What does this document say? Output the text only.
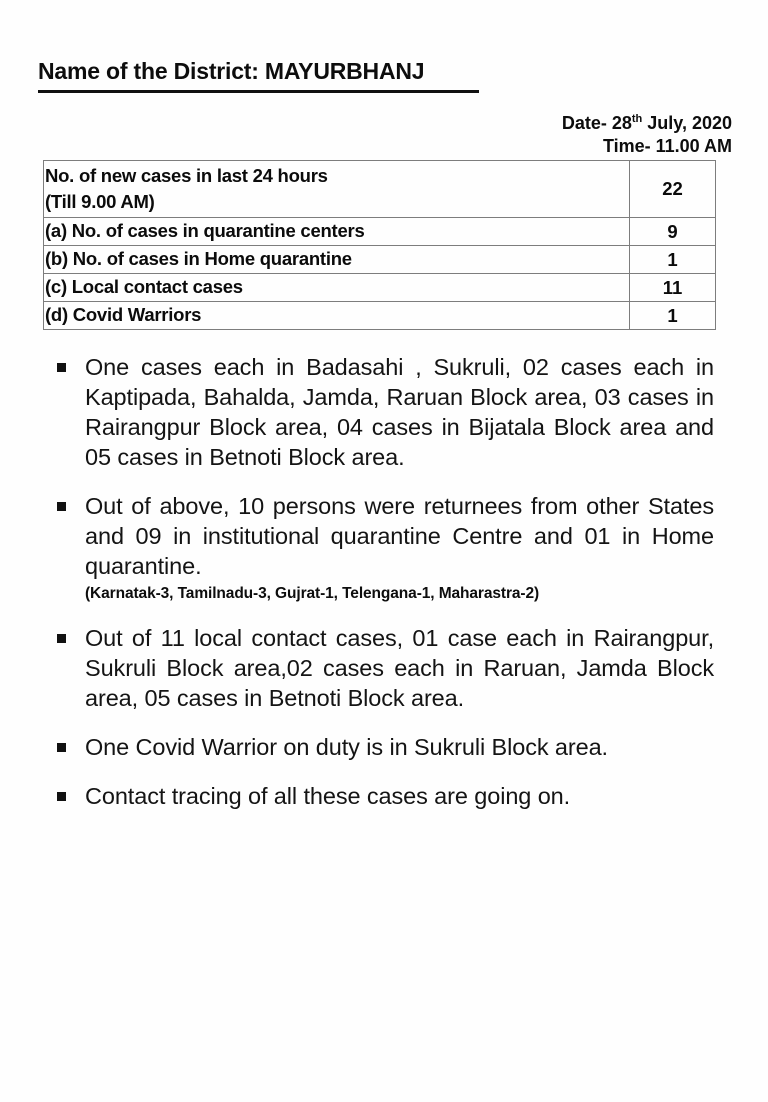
Name of the District: MAYURBHANJ
Date- 28th July, 2020
Time- 11.00 AM
No. of new cases in last 24 hours
(Till 9.00 AM)	22
(a) No. of cases in quarantine centers	9
(b) No. of cases in Home quarantine	1
(c) Local contact cases	11
(d) Covid Warriors	1
One cases each in Badasahi , Sukruli, 02 cases each in Kaptipada, Bahalda, Jamda, Raruan Block area, 03 cases in Rairangpur Block area, 04 cases in Bijatala Block area and 05 cases in Betnoti Block area.
Out of above, 10 persons were returnees from other States and 09 in institutional quarantine Centre and 01 in Home quarantine.
(Karnatak-3, Tamilnadu-3, Gujrat-1, Telengana-1, Maharastra-2)
Out of 11 local contact cases, 01 case each in Rairangpur, Sukruli Block area,02 cases each in Raruan, Jamda Block area, 05 cases in Betnoti Block area.
One Covid Warrior on duty is in Sukruli Block area.
Contact tracing of all these cases are going on.
